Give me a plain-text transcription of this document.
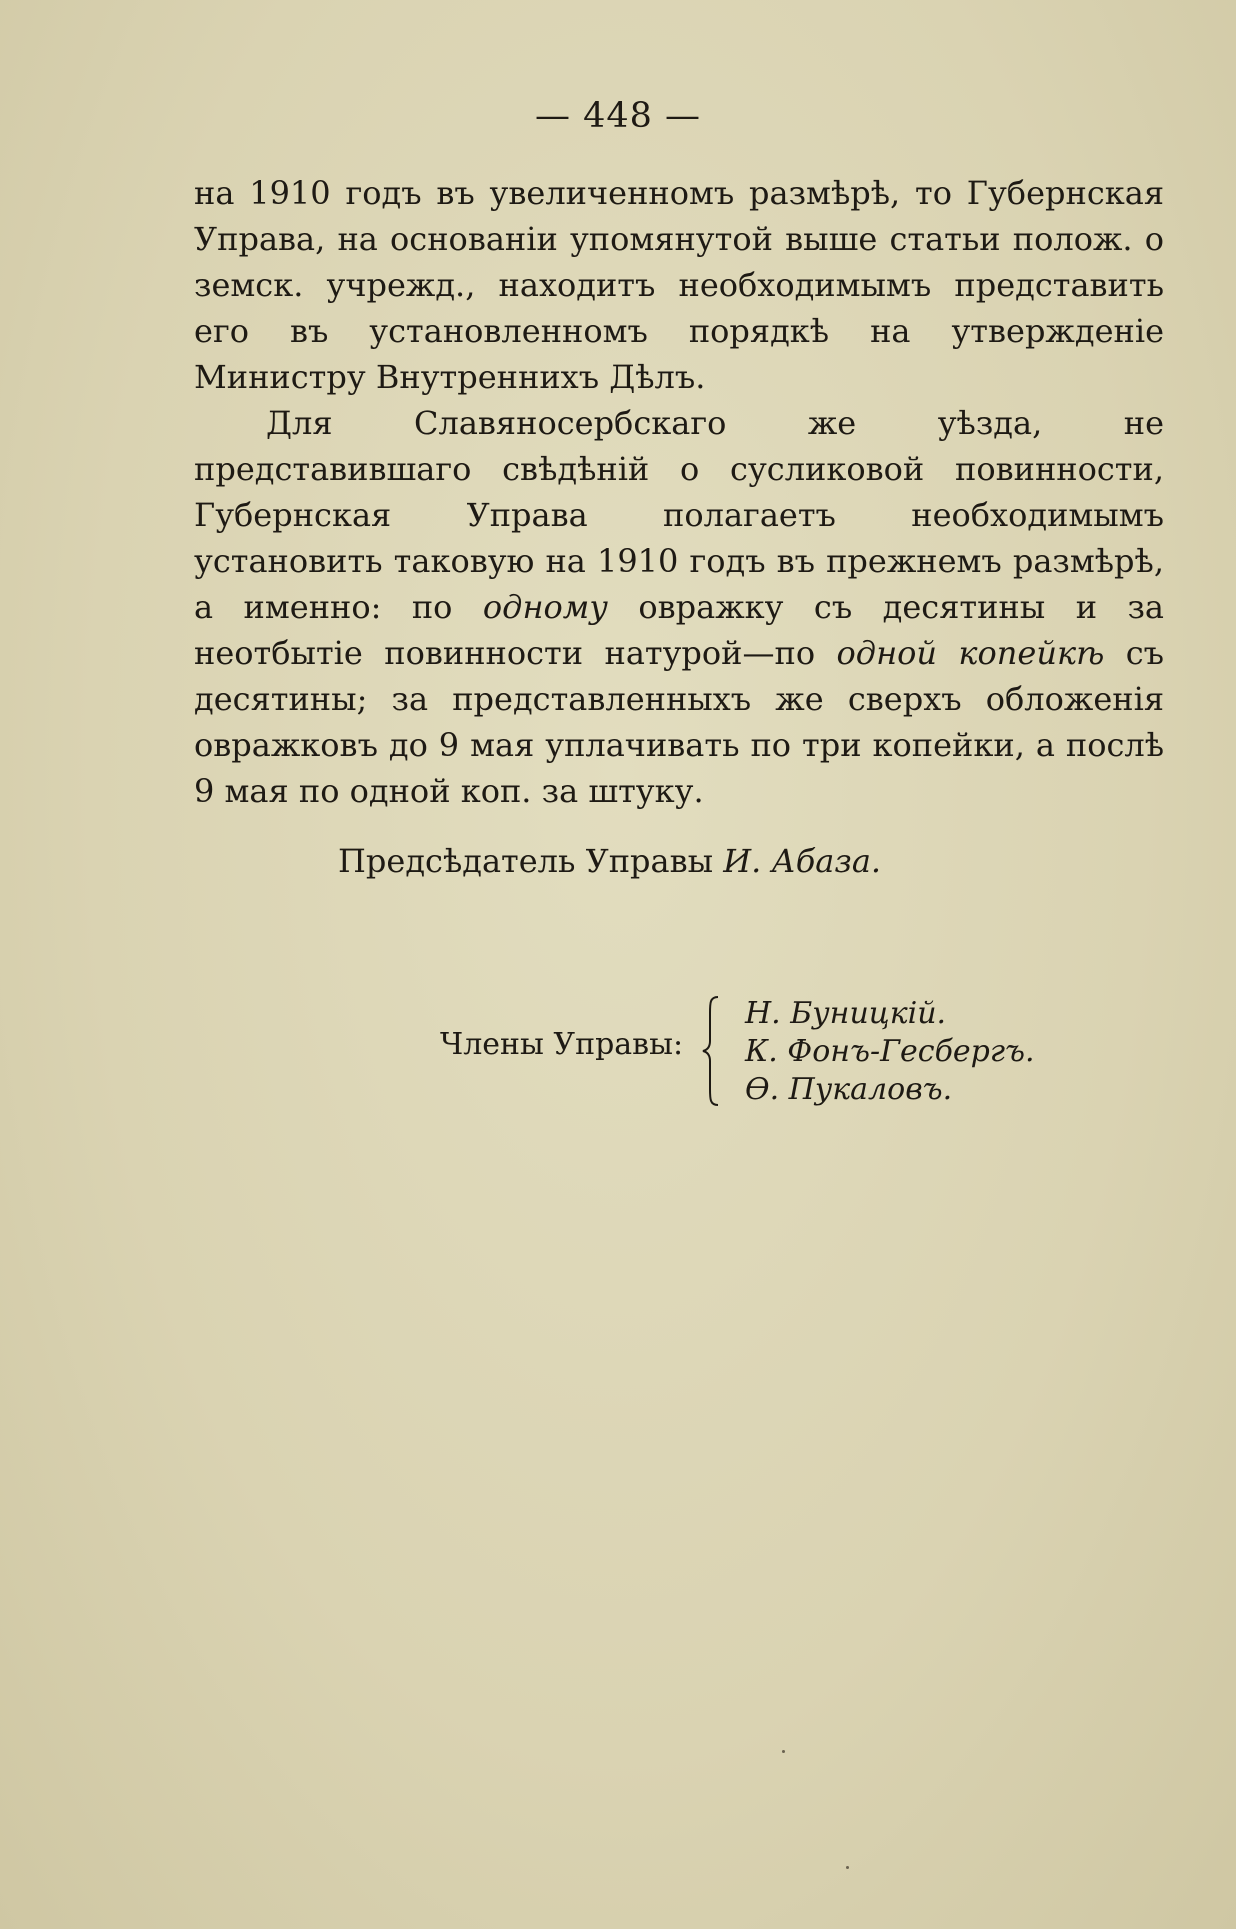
— 448 —

на 1910 годъ въ увеличенномъ размѣрѣ, то Губернская Управа, на основаніи упомянутой выше статьи полож. о земск. учрежд., находитъ необходимымъ представить его въ установленномъ порядкѣ на утвержденіе Министру Внутреннихъ Дѣлъ.

Для Славяносербскаго же уѣзда, не представившаго свѣдѣній о сусликовой повинности, Губернская Управа полагаетъ необходимымъ установить таковую на 1910 годъ въ прежнемъ размѣрѣ, а именно: по одному овражку съ десятины и за неотбытіе повинности натурой—по одной копейкѣ съ десятины; за представленныхъ же сверхъ обложенія овражковъ до 9 мая уплачивать по три копейки, а послѣ 9 мая по одной коп. за штуку.

Предсѣдатель Управы И. Абаза.
Члены Управы:
Н. Буницкій.
К. Фонъ-Гесбергъ.
Ѳ. Пукаловъ.
